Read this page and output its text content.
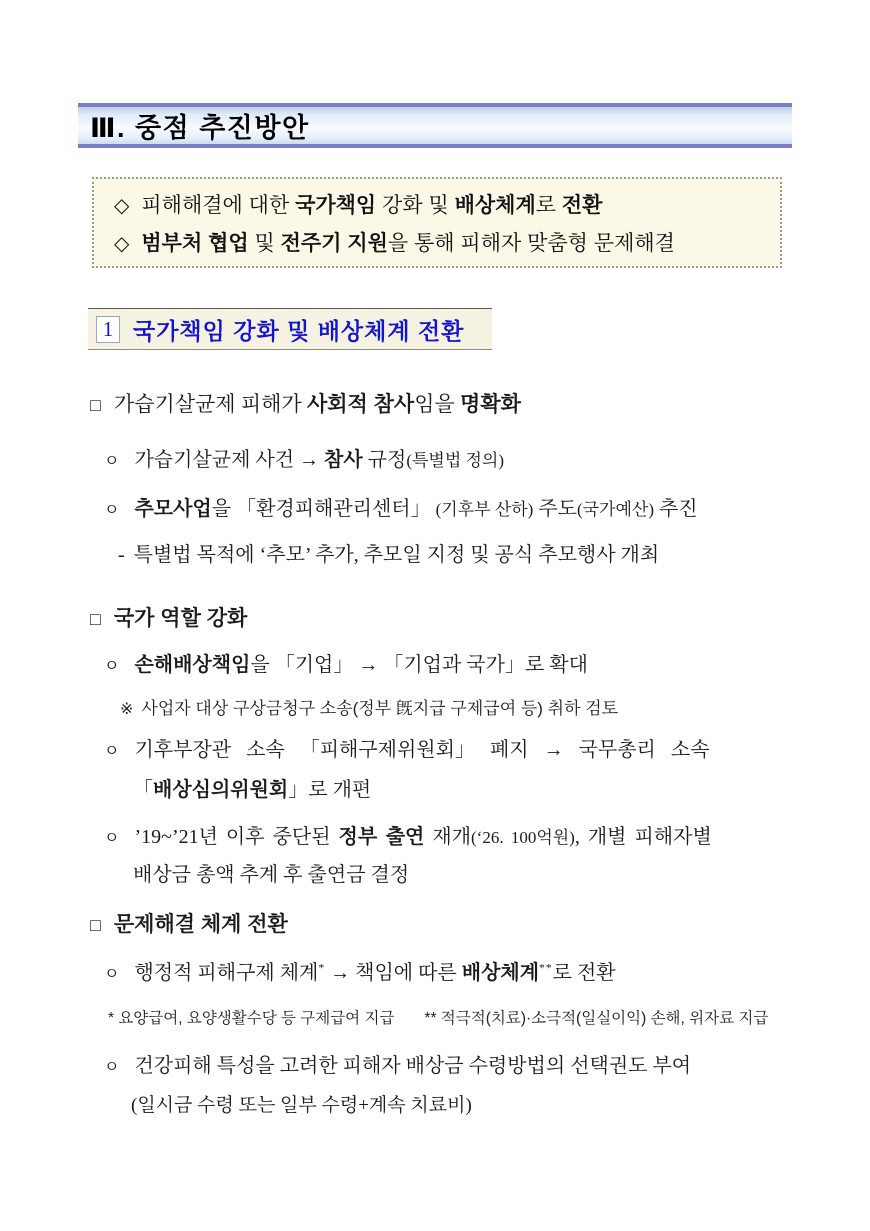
Ⅲ. 중점 추진방안
◇ 피해해결에 대한 국가책임 강화 및 배상체계로 전환
◇ 범부처 협업 및 전주기 지원을 통해 피해자 맞춤형 문제해결
1 국가책임 강화 및 배상체계 전환
□ 가습기살균제 피해가 사회적 참사임을 명확화
ㅇ 가습기살균제 사건 → 참사 규정(특별법 정의)
ㅇ 추모사업을 「환경피해관리센터」 (기후부 산하) 주도(국가예산) 추진
- 특별법 목적에 ‘추모’ 추가, 추모일 지정 및 공식 추모행사 개최
□ 국가 역할 강화
ㅇ 손해배상책임을 「기업」 → 「기업과 국가」로 확대
※ 사업자 대상 구상금청구 소송(정부 旣지급 구제급여 등) 취하 검토
ㅇ 기후부장관 소속 「피해구제위원회」 폐지 → 국무총리 소속
「배상심의위원회」로 개편
ㅇ ’19~’21년 이후 중단된 정부 출연 재개(‘26. 100억원), 개별 피해자별
배상금 총액 추계 후 출연금 결정
□ 문제해결 체계 전환
ㅇ 행정적 피해구제 체계* → 책임에 따른 배상체계**로 전환
* 요양급여, 요양생활수당 등 구제급여 지급 ** 적극적(치료)·소극적(일실이익) 손해, 위자료 지급
ㅇ 건강피해 특성을 고려한 피해자 배상금 수령방법의 선택권도 부여
(일시금 수령 또는 일부 수령+계속 치료비)
